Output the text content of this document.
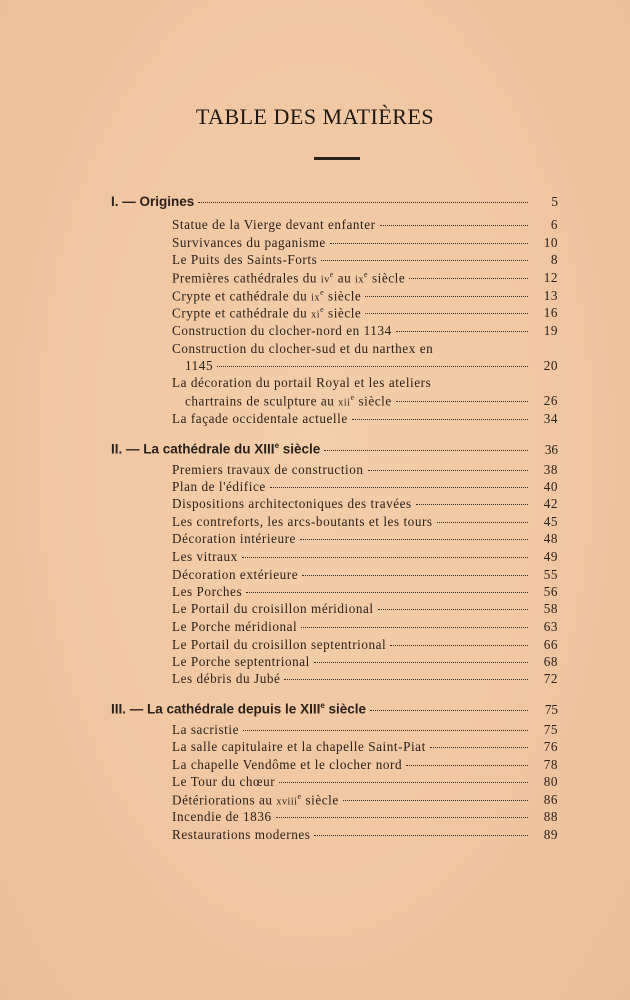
TABLE DES MATIÈRES
I. — Origines	5
Statue de la Vierge devant enfanter	6
Survivances du paganisme	10
Le Puits des Saints-Forts	8
Premières cathédrales du $iv^e$ au $ix^e$ siècle	12
Crypte et cathédrale du $ix^e$ siècle	13
Crypte et cathédrale du $xi^e$ siècle	16
Construction du clocher-nord en 1134	19
Construction du clocher-sud et du narthex en
1145	20
La décoration du portail Royal et les ateliers
chartrains de sculpture au xii$^e$ siècle	26
La façade occidentale actuelle	34
II. — La cathédrale du XIIIe siècle	36
Premiers travaux de construction	38
Plan de l'édifice	40
Dispositions architectoniques des travées	42
Les contreforts, les arcs-boutants et les tours	45
Décoration intérieure	48
Les vitraux	49
Décoration extérieure	55
Les Porches	56
Le Portail du croisillon méridional	58
Le Porche méridional	63
Le Portail du croisillon septentrional	66
Le Porche septentrional	68
Les débris du Jubé	72
III. — La cathédrale depuis le XIIIe siècle	75
La sacristie	75
La salle capitulaire et la chapelle Saint-Piat	76
La chapelle Vendôme et le clocher nord	78
Le Tour du chœur	80
Détériorations au xviii$^e$ siècle	86
Incendie de 1836	88
Restaurations modernes	89
